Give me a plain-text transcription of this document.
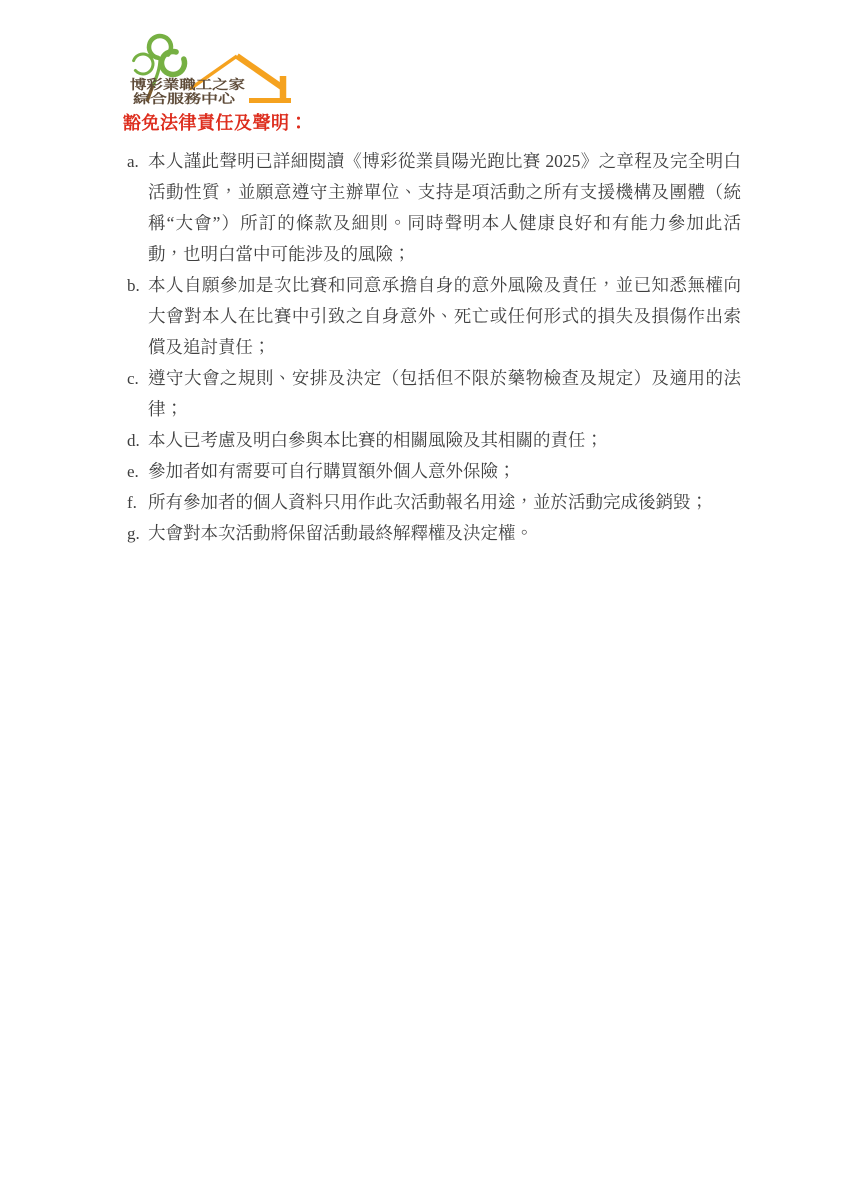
博彩業職工之家
綜合服務中心
豁免法律責任及聲明：
a. 本人謹此聲明已詳細閱讀《博彩從業員陽光跑比賽 2025》之章程及完全明白活動性質，並願意遵守主辦單位、支持是項活動之所有支援機構及團體（統稱“大會”）所訂的條款及細則。同時聲明本人健康良好和有能力參加此活動，也明白當中可能涉及的風險；
b. 本人自願參加是次比賽和同意承擔自身的意外風險及責任，並已知悉無權向大會對本人在比賽中引致之自身意外、死亡或任何形式的損失及損傷作出索償及追討責任；
c. 遵守大會之規則、安排及決定（包括但不限於藥物檢查及規定）及適用的法律；
d. 本人已考慮及明白參與本比賽的相關風險及其相關的責任；
e. 參加者如有需要可自行購買額外個人意外保險；
f. 所有參加者的個人資料只用作此次活動報名用途，並於活動完成後銷毀；
g. 大會對本次活動將保留活動最終解釋權及決定權。
